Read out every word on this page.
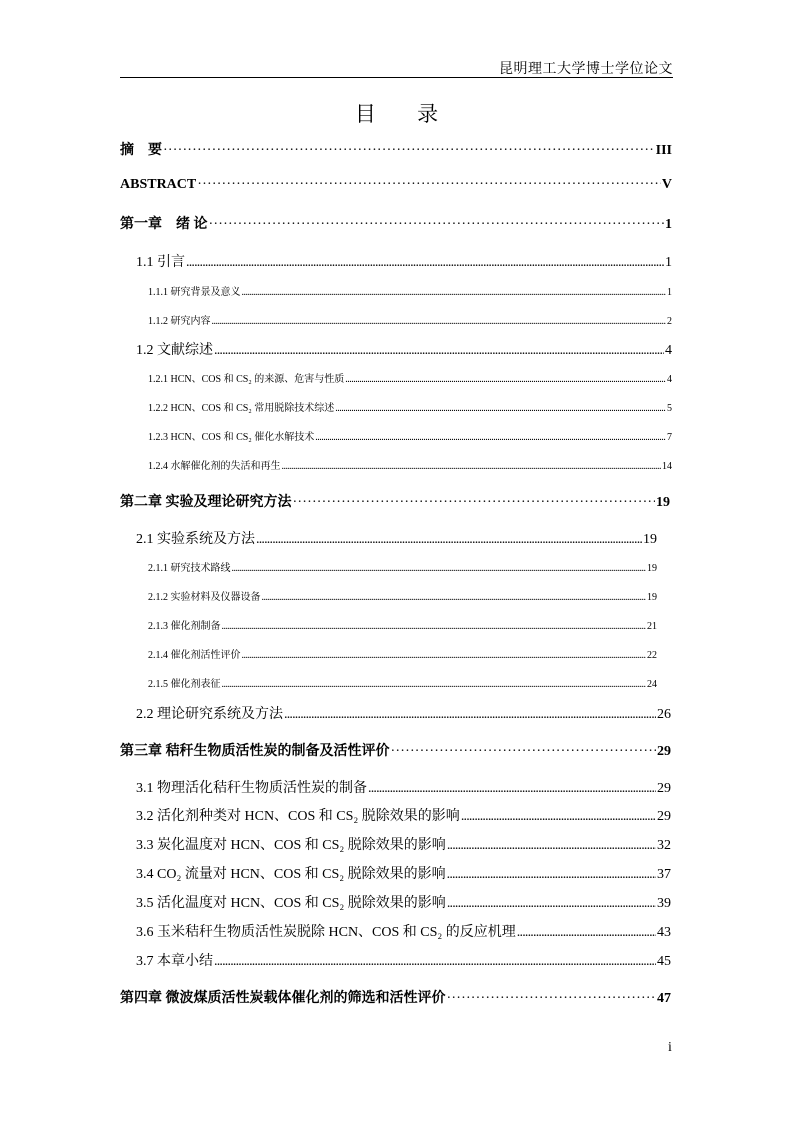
昆明理工大学博士学位论文
目 录
摘　要 ·····	III
ABSTRACT ·····	V
第一章　绪 论 ·····	1
1.1 引言 .....	1
1.1.1 研究背景及意义 .....	1
1.1.2 研究内容 .....	2
1.2 文献综述 .....	4
1.2.1 HCN、COS 和 CS₂ 的来源、危害与性质 .....	4
1.2.2 HCN、COS 和 CS₂ 常用脱除技术综述 .....	5
1.2.3 HCN、COS 和 CS₂ 催化水解技术 .....	7
1.2.4 水解催化剂的失活和再生 .....	14
第二章 实验及理论研究方法 ·····	19
2.1 实验系统及方法 .....	19
2.1.1 研究技术路线 .....	19
2.1.2 实验材料及仪器设备 .....	19
2.1.3 催化剂制备 .....	21
2.1.4 催化剂活性评价 .....	22
2.1.5 催化剂表征 .....	24
2.2 理论研究系统及方法 .....	26
第三章 秸秆生物质活性炭的制备及活性评价 ·····	29
3.1 物理活化秸秆生物质活性炭的制备 .....	29
3.2 活化剂种类对 HCN、COS 和 CS₂ 脱除效果的影响 .....	29
3.3 炭化温度对 HCN、COS 和 CS₂ 脱除效果的影响 .....	32
3.4 CO₂ 流量对 HCN、COS 和 CS₂ 脱除效果的影响 .....	37
3.5 活化温度对 HCN、COS 和 CS₂ 脱除效果的影响 .....	39
3.6 玉米秸秆生物质活性炭脱除 HCN、COS 和 CS₂ 的反应机理 .....	43
3.7 本章小结 .....	45
第四章 微波煤质活性炭载体催化剂的筛选和活性评价 ·····	47
i
